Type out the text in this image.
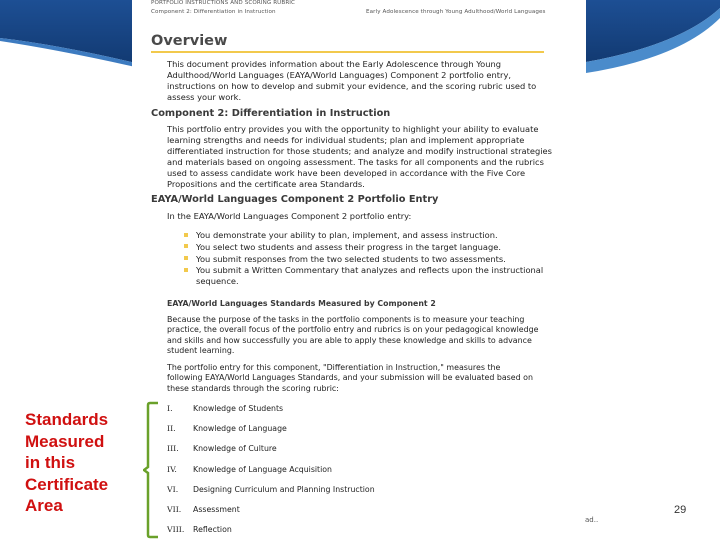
PORTFOLIO INSTRUCTIONS AND SCORING RUBRIC
Component 2: Differentiation in Instruction	Early Adolescence through Young Adulthood/World Languages
Overview
This document provides information about the Early Adolescence through Young
Adulthood/World Languages (EAYA/World Languages) Component 2 portfolio entry,
instructions on how to develop and submit your evidence, and the scoring rubric used to
assess your work.
Component 2: Differentiation in Instruction
This portfolio entry provides you with the opportunity to highlight your ability to evaluate
learning strengths and needs for individual students; plan and implement appropriate
differentiated instruction for those students; and analyze and modify instructional strategies
and materials based on ongoing assessment. The tasks for all components and the rubrics
used to assess candidate work have been developed in accordance with the Five Core
Propositions and the certificate area Standards.
EAYA/World Languages Component 2 Portfolio Entry
In the EAYA/World Languages Component 2 portfolio entry:
You demonstrate your ability to plan, implement, and assess instruction.
You select two students and assess their progress in the target language.
You submit responses from the two selected students to two assessments.
You submit a Written Commentary that analyzes and reflects upon the instructional
sequence.
EAYA/World Languages Standards Measured by Component 2
Because the purpose of the tasks in the portfolio components is to measure your teaching
practice, the overall focus of the portfolio entry and rubrics is on your pedagogical knowledge
and skills and how successfully you are able to apply these knowledge and skills to advance
student learning.
The portfolio entry for this component, "Differentiation in Instruction," measures the
following EAYA/World Languages Standards, and your submission will be evaluated based on
these standards through the scoring rubric:
I.	Knowledge of Students
II. Knowledge of Language
III. Knowledge of Culture
IV. Knowledge of Language Acquisition
VI. Designing Curriculum and Planning Instruction
VII. Assessment
VIII. Reflection
Standards
Measured
in this
Certificate
Area	29
ad..
